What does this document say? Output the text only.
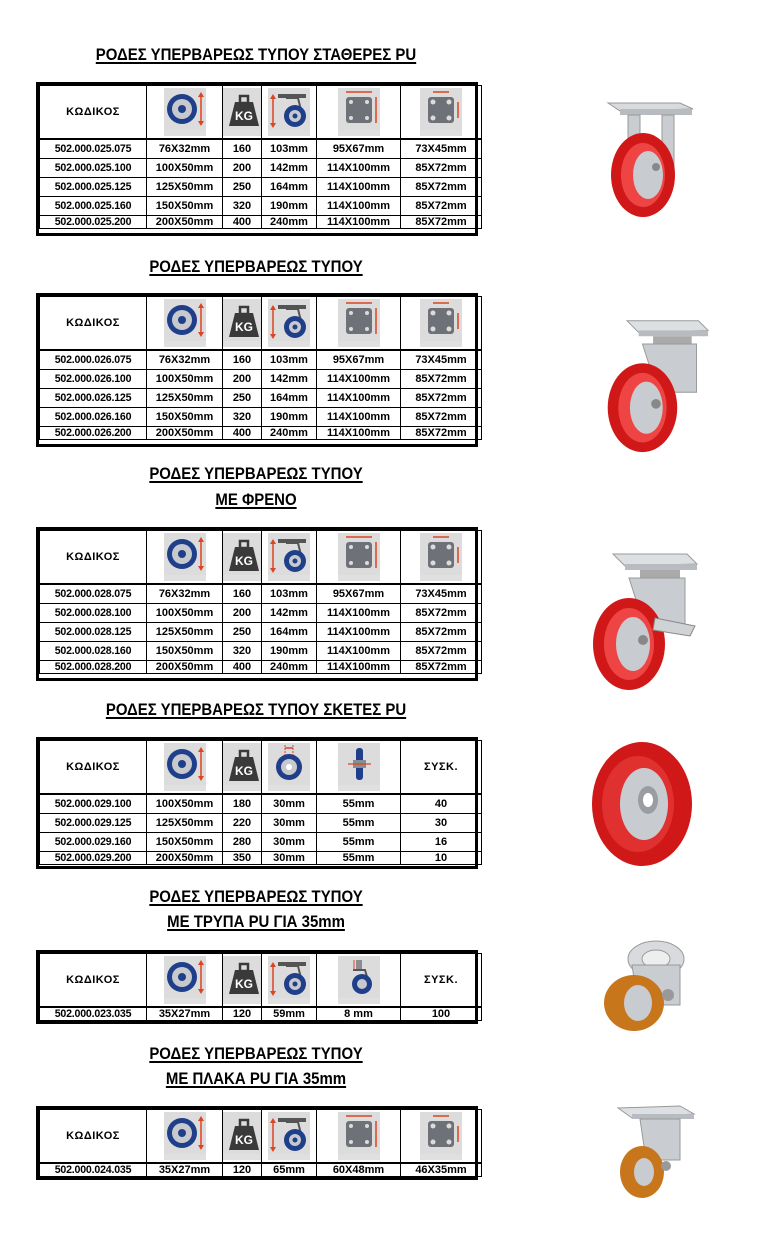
ΡΟΔΕΣ ΥΠΕΡΒΑΡΕΩΣ ΤΥΠΟΥ ΣΤΑΘΕΡΕΣ PU
ΚΩΔΙΚΟΣ		KG

502.000.025.075	76X32mm	160	103mm	95X67mm	73X45mm
502.000.025.100	100X50mm	200	142mm	114X100mm	85X72mm
502.000.025.125	125X50mm	250	164mm	114X100mm	85X72mm
502.000.025.160	150X50mm	320	190mm	114X100mm	85X72mm
502.000.025.200	200X50mm	400	240mm	114X100mm	85X72mm
ΡΟΔΕΣ ΥΠΕΡΒΑΡΕΩΣ ΤΥΠΟΥ
ΚΩΔΙΚΟΣ		KG

502.000.026.075	76X32mm	160	103mm	95X67mm	73X45mm
502.000.026.100	100X50mm	200	142mm	114X100mm	85X72mm
502.000.026.125	125X50mm	250	164mm	114X100mm	85X72mm
502.000.026.160	150X50mm	320	190mm	114X100mm	85X72mm
502.000.026.200	200X50mm	400	240mm	114X100mm	85X72mm
ΡΟΔΕΣ ΥΠΕΡΒΑΡΕΩΣ ΤΥΠΟΥ
ΜΕ ΦΡΕΝΟ
ΚΩΔΙΚΟΣ		KG

502.000.028.075	76X32mm	160	103mm	95X67mm	73X45mm
502.000.028.100	100X50mm	200	142mm	114X100mm	85X72mm
502.000.028.125	125X50mm	250	164mm	114X100mm	85X72mm
502.000.028.160	150X50mm	320	190mm	114X100mm	85X72mm
502.000.028.200	200X50mm	400	240mm	114X100mm	85X72mm
ΡΟΔΕΣ ΥΠΕΡΒΑΡΕΩΣ ΤΥΠΟΥ ΣΚΕΤΕΣ PU
ΚΩΔΙΚΟΣ		KG			ΣΥΣΚ.
502.000.029.100	100X50mm	180	30mm	55mm	40
502.000.029.125	125X50mm	220	30mm	55mm	30
502.000.029.160	150X50mm	280	30mm	55mm	16
502.000.029.200	200X50mm	350	30mm	55mm	10
ΡΟΔΕΣ ΥΠΕΡΒΑΡΕΩΣ ΤΥΠΟΥ
ΜΕ ΤΡΥΠΑ PU ΓΙΑ 35mm
ΚΩΔΙΚΟΣ		KG			ΣΥΣΚ.
502.000.023.035	35X27mm	120	59mm	8 mm	100
ΡΟΔΕΣ ΥΠΕΡΒΑΡΕΩΣ ΤΥΠΟΥ
ΜΕ ΠΛΑΚΑ PU ΓΙΑ 35mm
ΚΩΔΙΚΟΣ		KG

502.000.024.035	35X27mm	120	65mm	60X48mm	46X35mm
